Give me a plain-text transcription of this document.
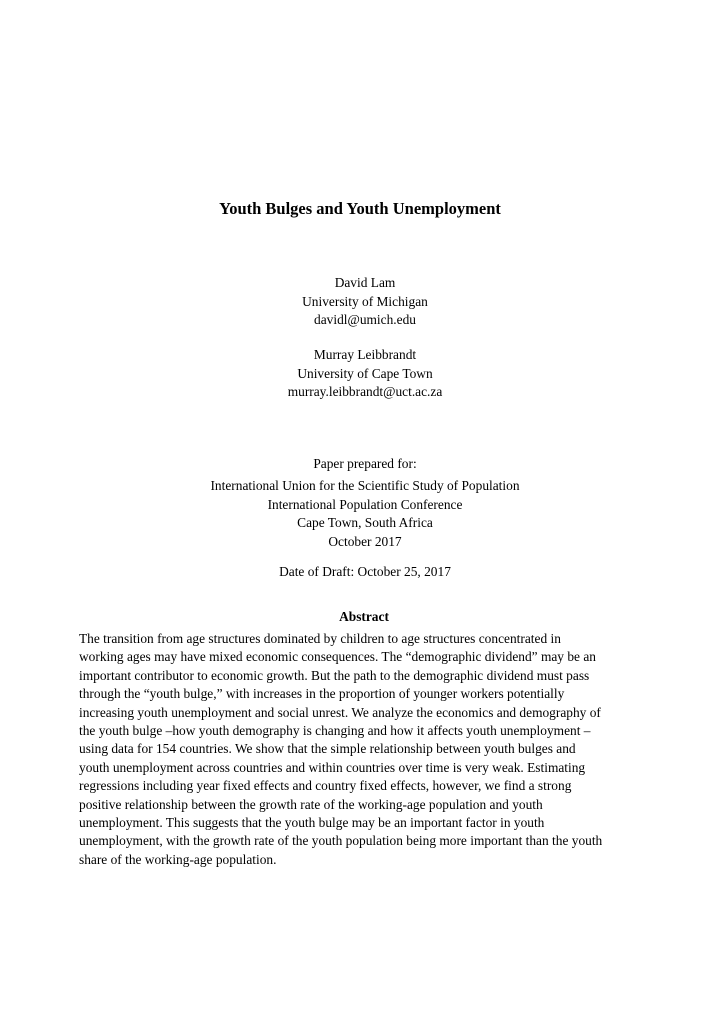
Youth Bulges and Youth Unemployment
David Lam
University of Michigan
davidl@umich.edu
Murray Leibbrandt
University of Cape Town
murray.leibbrandt@uct.ac.za
Paper prepared for:
International Union for the Scientific Study of Population
International Population Conference
Cape Town, South Africa
October 2017
Date of Draft: October 25, 2017
Abstract
The transition from age structures dominated by children to age structures concentrated in
working ages may have mixed economic consequences. The “demographic dividend” may be an
important contributor to economic growth. But the path to the demographic dividend must pass
through the “youth bulge,” with increases in the proportion of younger workers potentially
increasing youth unemployment and social unrest. We analyze the economics and demography of
the youth bulge –how youth demography is changing and how it affects youth unemployment –
using data for 154 countries. We show that the simple relationship between youth bulges and
youth unemployment across countries and within countries over time is very weak. Estimating
regressions including year fixed effects and country fixed effects, however, we find a strong
positive relationship between the growth rate of the working-age population and youth
unemployment. This suggests that the youth bulge may be an important factor in youth
unemployment, with the growth rate of the youth population being more important than the youth
share of the working-age population.
